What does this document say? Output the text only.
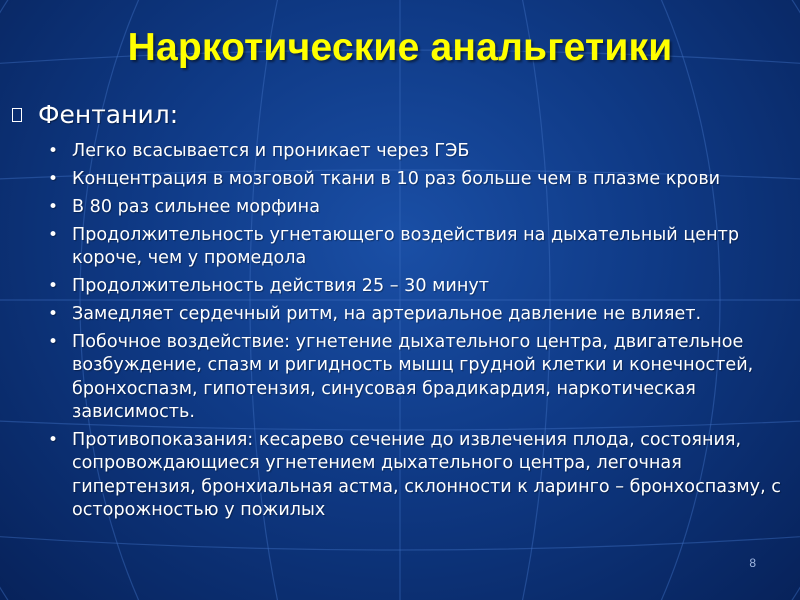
Наркотические анальгетики
Фентанил:
• Легко всасывается и проникает через ГЭБ
• Концентрация в мозговой ткани в 10 раз больше чем в плазме крови
• В 80 раз сильнее морфина
• Продолжительность угнетающего воздействия на дыхательный центр короче, чем у промедола
• Продолжительность действия 25 – 30 минут
• Замедляет сердечный ритм, на артериальное давление не влияет.
• Побочное воздействие: угнетение дыхательного центра, двигательное возбуждение, спазм и ригидность мышц грудной клетки и конечностей, бронхоспазм, гипотензия, синусовая брадикардия, наркотическая зависимость.
• Противопоказания: кесарево сечение до извлечения плода, состояния, сопровождающиеся угнетением дыхательного центра, легочная гипертензия, бронхиальная астма, склонности к ларинго – бронхоспазму, с осторожностью у пожилых
8
